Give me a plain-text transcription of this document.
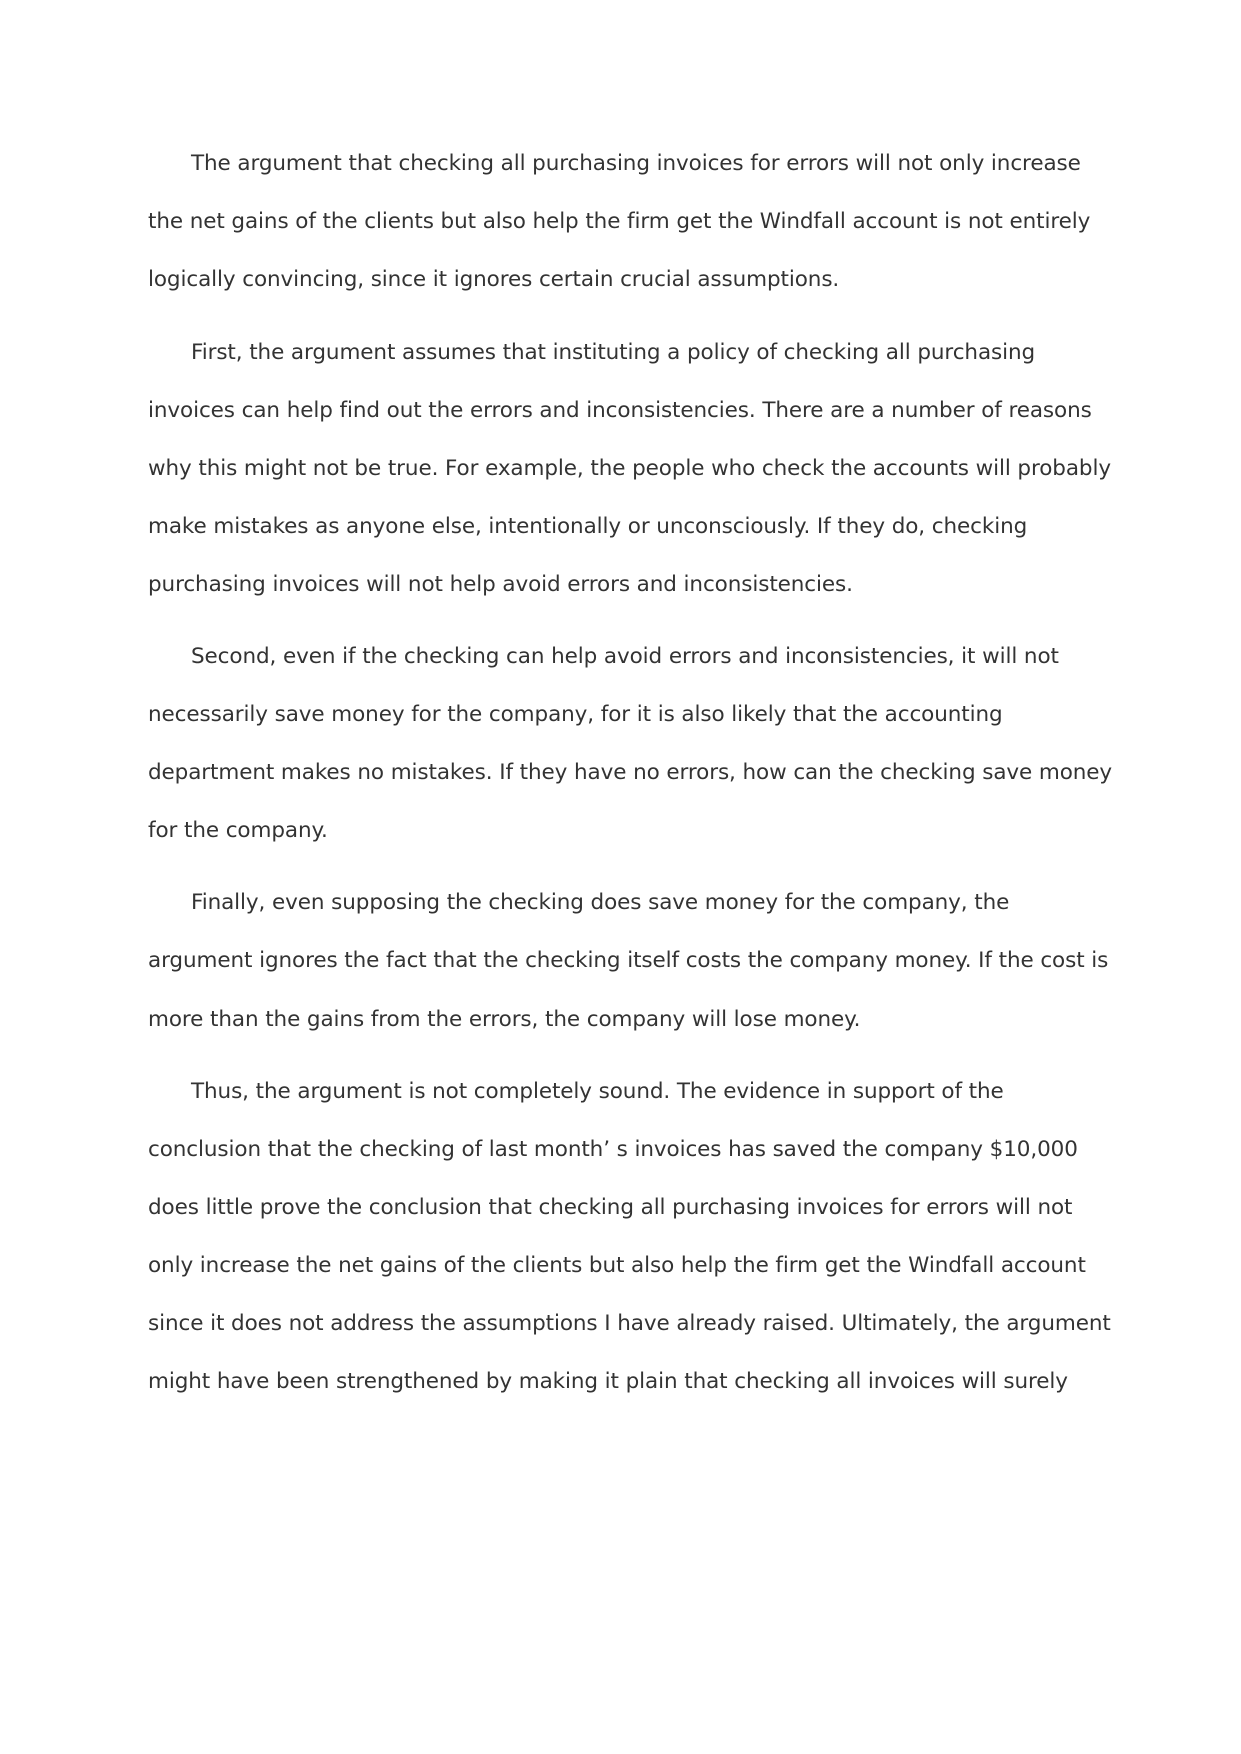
The argument that checking all purchasing invoices for errors will not only increase
the net gains of the clients but also help the firm get the Windfall account is not entirely
logically convincing, since it ignores certain crucial assumptions.
First, the argument assumes that instituting a policy of checking all purchasing
invoices can help find out the errors and inconsistencies. There are a number of reasons
why this might not be true. For example, the people who check the accounts will probably
make mistakes as anyone else, intentionally or unconsciously. If they do, checking
purchasing invoices will not help avoid errors and inconsistencies.
Second, even if the checking can help avoid errors and inconsistencies, it will not
necessarily save money for the company, for it is also likely that the accounting
department makes no mistakes. If they have no errors, how can the checking save money
for the company.
Finally, even supposing the checking does save money for the company, the
argument ignores the fact that the checking itself costs the company money. If the cost is
more than the gains from the errors, the company will lose money.
Thus, the argument is not completely sound. The evidence in support of the
conclusion that the checking of last month’ s invoices has saved the company $10,000
does little prove the conclusion that checking all purchasing invoices for errors will not
only increase the net gains of the clients but also help the firm get the Windfall account
since it does not address the assumptions I have already raised. Ultimately, the argument
might have been strengthened by making it plain that checking all invoices will surely
